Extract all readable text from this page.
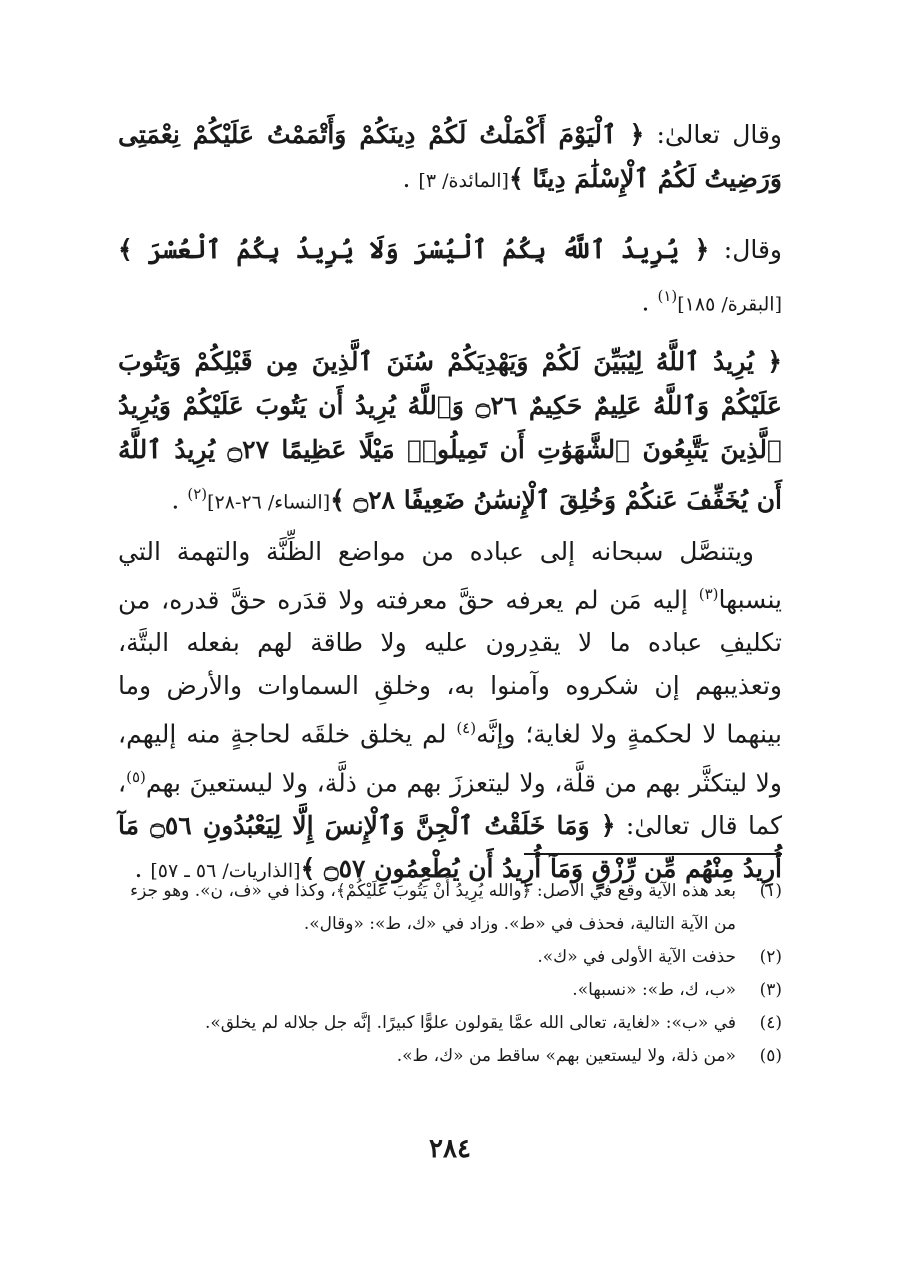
وقال تعالىٰ: ﴿ ٱلْيَوْمَ أَكْمَلْتُ لَكُمْ دِينَكُمْ وَأَتْمَمْتُ عَلَيْكُمْ نِعْمَتِى وَرَضِيتُ لَكُمُ ٱلْإِسْلَٰمَ دِينًا ﴾[المائدة/ ٣] .

وقال: ﴿ يُرِيدُ ٱللَّهُ بِكُمُ ٱلْيُسْرَ وَلَا يُرِيدُ بِكُمُ ٱلْعُسْرَ ﴾ [البقرة/ ١٨٥]$^{(١)}$ .

﴿ يُرِيدُ ٱللَّهُ لِيُبَيِّنَ لَكُمْ وَيَهْدِيَكُمْ سُنَنَ ٱلَّذِينَ مِن قَبْلِكُمْ وَيَتُوبَ عَلَيْكُمْ وَٱللَّهُ عَلِيمٌ حَكِيمٌ ۝٢٦ وَٱللَّهُ يُرِيدُ أَن يَتُوبَ عَلَيْكُمْ وَيُرِيدُ ٱلَّذِينَ يَتَّبِعُونَ ٱلشَّهَوَٰتِ أَن تَمِيلُوا۟ مَيْلًا عَظِيمًا ۝٢٧ يُرِيدُ ٱللَّهُ أَن يُخَفِّفَ عَنكُمْ وَخُلِقَ ٱلْإِنسَٰنُ ضَعِيفًا ۝٢٨ ﴾[النساء/ ٢٦-٢٨]$^{(٢)}$ .

ويتنصَّل سبحانه إلى عباده من مواضع الظِّنَّة والتهمة التي ينسبها$^{(٣)}$ إليه مَن لم يعرفه حقَّ معرفته ولا قدَره حقَّ قدره، من تكليفِ عباده ما لا يقدِرون عليه ولا طاقة لهم بفعله البتَّة، وتعذيبهم إن شكروه وآمنوا به، وخلقِ السماوات والأرض وما بينهما لا لحكمةٍ ولا لغاية؛ وإنَّه$^{(٤)}$ لم يخلق خلقَه لحاجةٍ منه إليهم، ولا ليتكثَّر بهم من قلَّة، ولا ليتعززَ بهم من ذلَّة، ولا ليستعينَ بهم$^{(٥)}$، كما قال تعالىٰ: ﴿ وَمَا خَلَقْتُ ٱلْجِنَّ وَٱلْإِنسَ إِلَّا لِيَعْبُدُونِ ۝٥٦ مَآ أُرِيدُ مِنْهُم مِّن رِّزْقٍ وَمَآ أُرِيدُ أَن يُطْعِمُونِ ۝٥٧ ﴾[الذاريات/ ٥٦ ـ ٥٧] .

(١)
بعد هذه الآية وقع في الأصل: ﴿والله يُرِيدُ أَنْ يَتُوبَ عَلَيْكُمْ﴾، وكذا في «ف، ن». وهو جزء من الآية التالية، فحذف في «ط». وزاد في «ك، ط»: «وقال».
(٢)
حذفت الآية الأولى في «ك».
(٣)
«ب، ك، ط»: «نسبها».
(٤)
في «ب»: «لغاية، تعالى الله عمَّا يقولون علوًّا كبيرًا. إنَّه جل جلاله لم يخلق».
(٥)
«من ذلة، ولا ليستعين بهم» ساقط من «ك، ط».
٢٨٤
